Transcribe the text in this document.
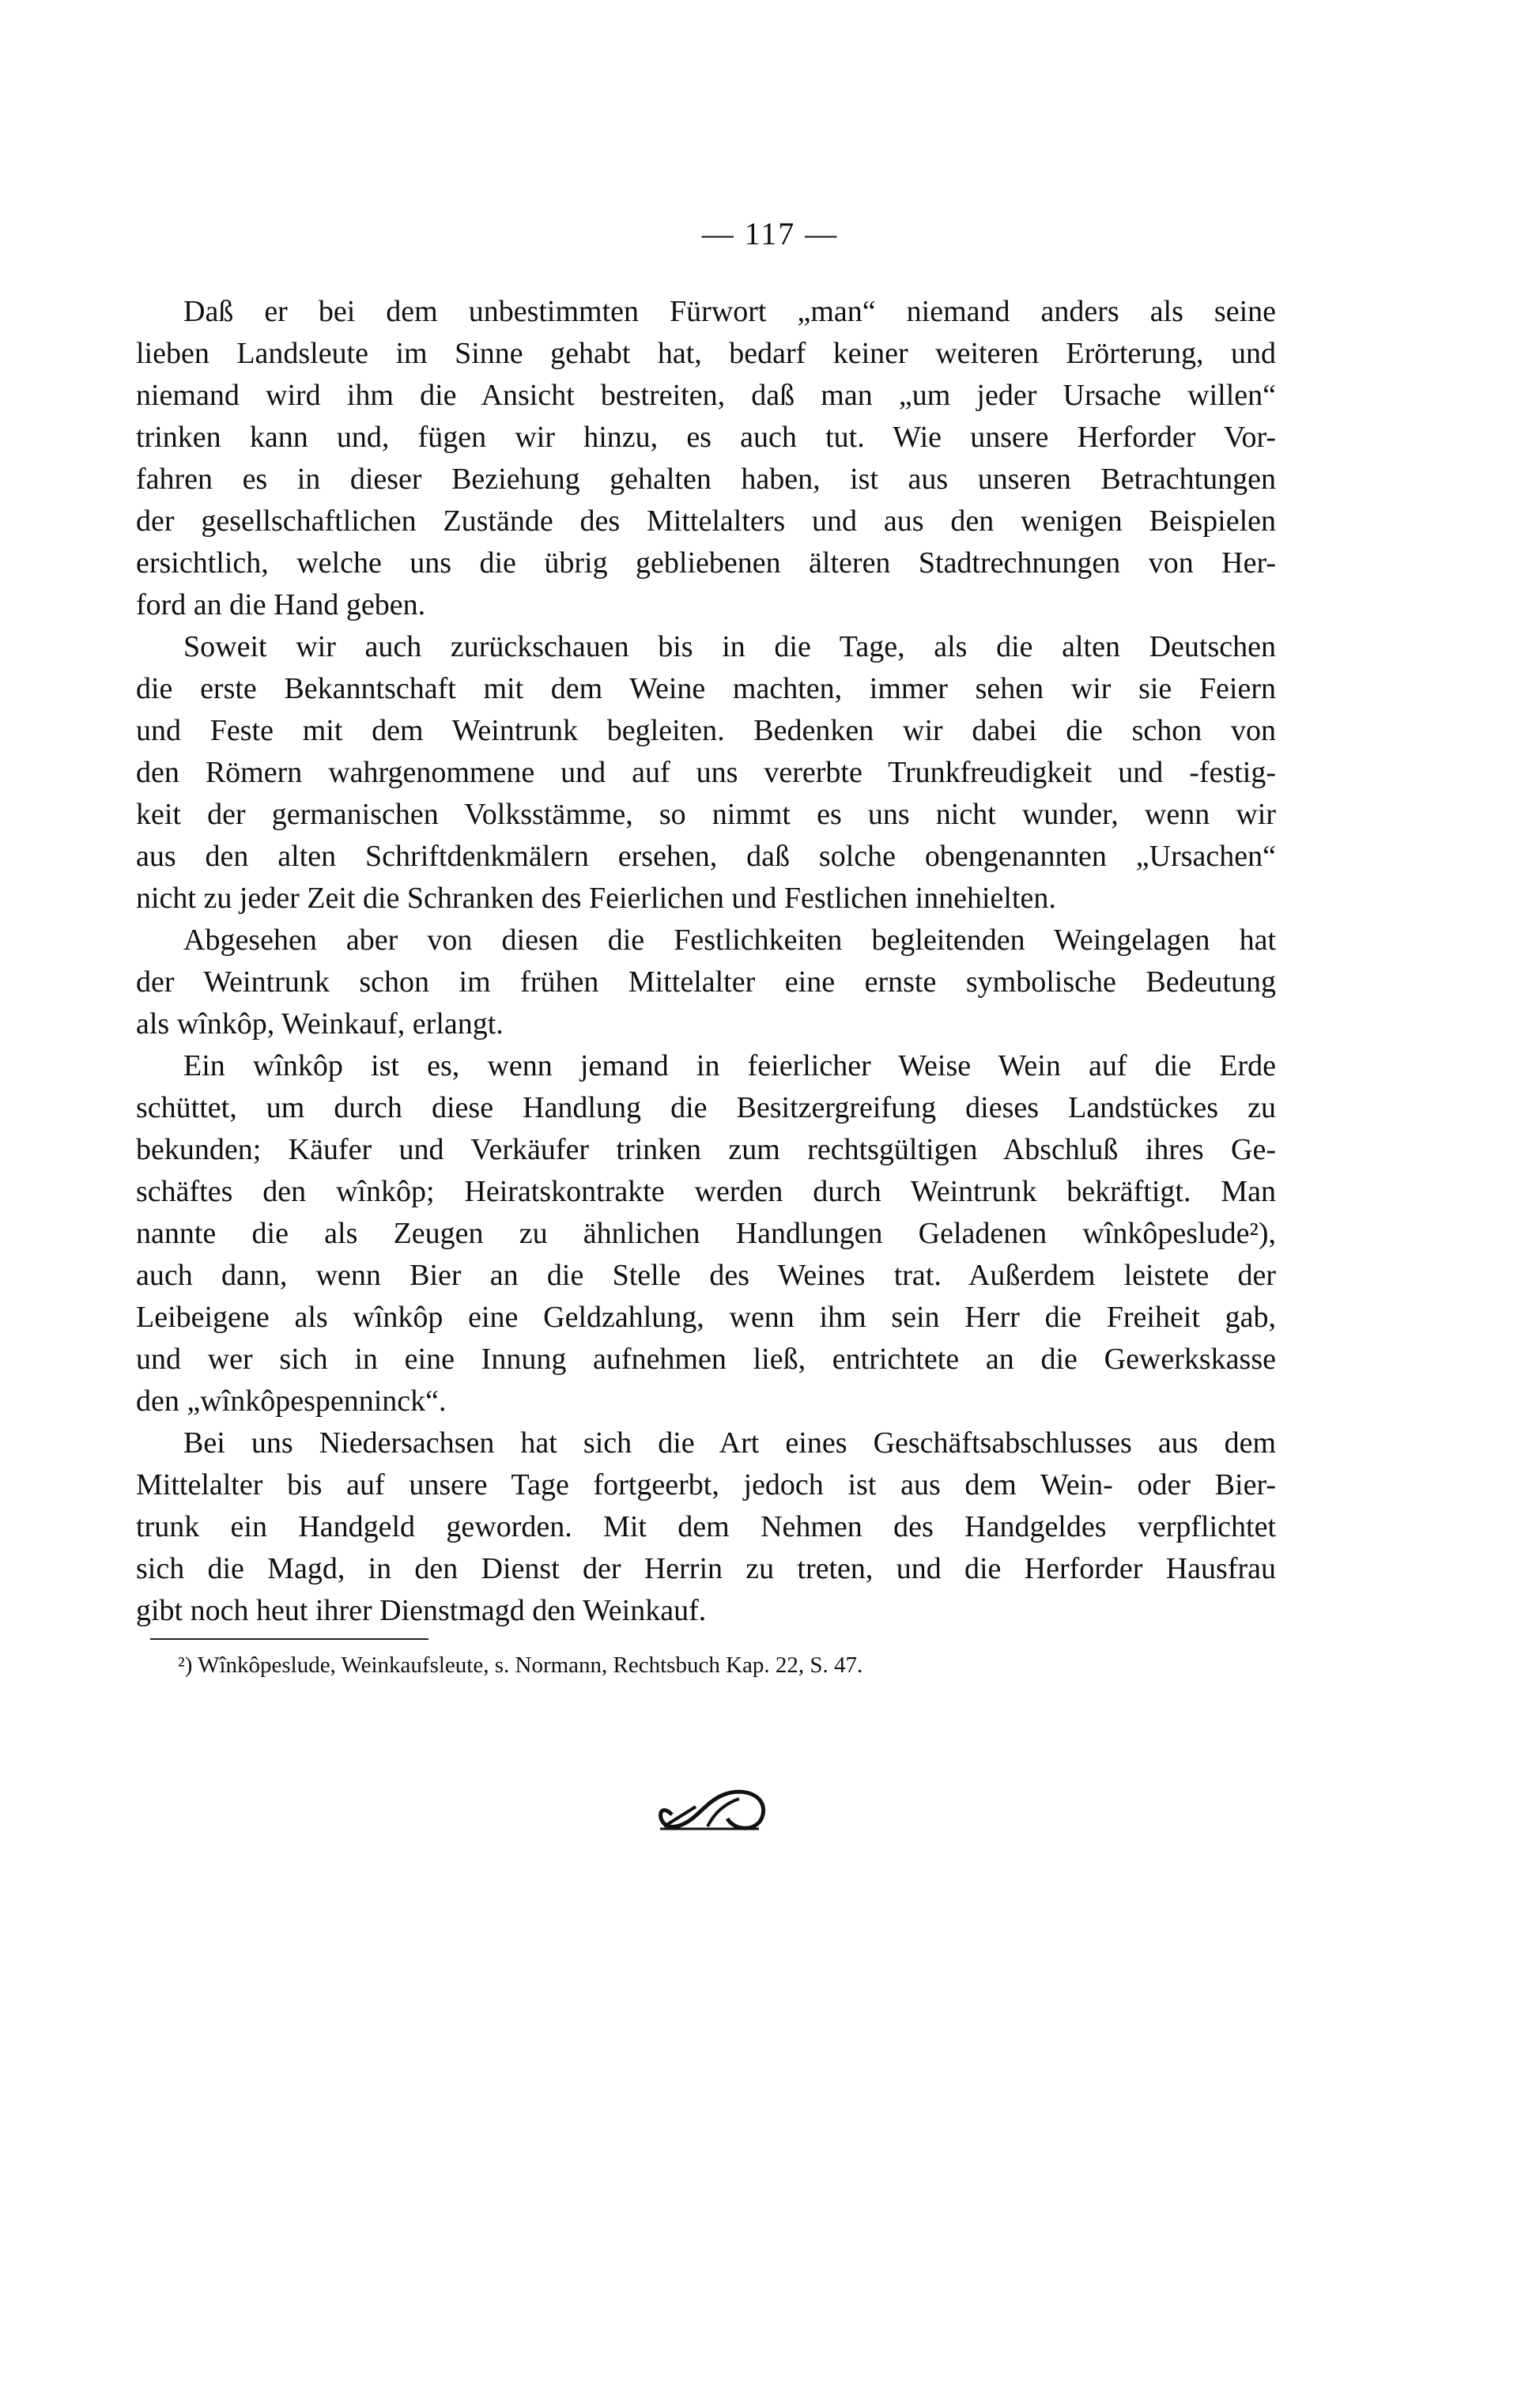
— 117 —
Daß er bei dem unbestimmten Fürwort „man“ niemand anders als seine
lieben Landsleute im Sinne gehabt hat, bedarf keiner weiteren Erörterung, und
niemand wird ihm die Ansicht bestreiten, daß man „um jeder Ursache willen“
trinken kann und, fügen wir hinzu, es auch tut. Wie unsere Herforder Vor-
fahren es in dieser Beziehung gehalten haben, ist aus unseren Betrachtungen
der gesellschaftlichen Zustände des Mittelalters und aus den wenigen Beispielen
ersichtlich, welche uns die übrig gebliebenen älteren Stadtrechnungen von Her-
ford an die Hand geben.
Soweit wir auch zurückschauen bis in die Tage, als die alten Deutschen
die erste Bekanntschaft mit dem Weine machten, immer sehen wir sie Feiern
und Feste mit dem Weintrunk begleiten. Bedenken wir dabei die schon von
den Römern wahrgenommene und auf uns vererbte Trunkfreudigkeit und -festig-
keit der germanischen Volksstämme, so nimmt es uns nicht wunder, wenn wir
aus den alten Schriftdenkmälern ersehen, daß solche obengenannten „Ursachen“
nicht zu jeder Zeit die Schranken des Feierlichen und Festlichen innehielten.
Abgesehen aber von diesen die Festlichkeiten begleitenden Weingelagen hat
der Weintrunk schon im frühen Mittelalter eine ernste symbolische Bedeutung
als wînkôp, Weinkauf, erlangt.
Ein wînkôp ist es, wenn jemand in feierlicher Weise Wein auf die Erde
schüttet, um durch diese Handlung die Besitzergreifung dieses Landstückes zu
bekunden; Käufer und Verkäufer trinken zum rechtsgültigen Abschluß ihres Ge-
schäftes den wînkôp; Heiratskontrakte werden durch Weintrunk bekräftigt. Man
nannte die als Zeugen zu ähnlichen Handlungen Geladenen wînkôpeslude²),
auch dann, wenn Bier an die Stelle des Weines trat. Außerdem leistete der
Leibeigene als wînkôp eine Geldzahlung, wenn ihm sein Herr die Freiheit gab,
und wer sich in eine Innung aufnehmen ließ, entrichtete an die Gewerkskasse
den „wînkôpespenninck“.
Bei uns Niedersachsen hat sich die Art eines Geschäftsabschlusses aus dem
Mittelalter bis auf unsere Tage fortgeerbt, jedoch ist aus dem Wein- oder Bier-
trunk ein Handgeld geworden. Mit dem Nehmen des Handgeldes verpflichtet
sich die Magd, in den Dienst der Herrin zu treten, und die Herforder Hausfrau
gibt noch heut ihrer Dienstmagd den Weinkauf.
²) Wînkôpeslude, Weinkaufsleute, s. Normann, Rechtsbuch Kap. 22, S. 47.
